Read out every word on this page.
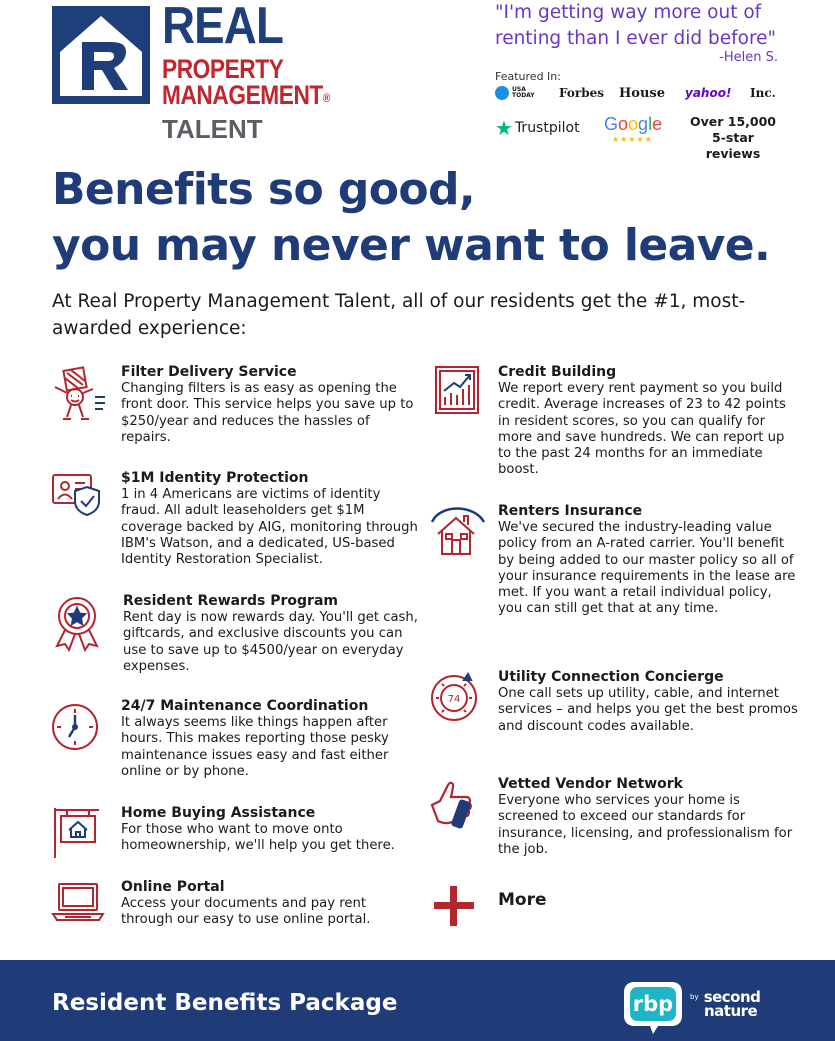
REAL
PROPERTY
MANAGEMENT®
TALENT
"I'm getting way more out of renting than I ever did before"
-Helen S.
Featured In:
USA TODAY Forbes House yahoo! Inc.
★ Trustpilot Google
★★★★★
Over 15,000
5-star reviews
Benefits so good,
you may never want to leave.
At Real Property Management Talent, all of our residents get the #1, most-awarded experience:
Filter Delivery Service
Changing filters is as easy as opening the front door. This service helps you save up to $250/year and reduces the hassles of repairs.
$1M Identity Protection
1 in 4 Americans are victims of identity fraud. All adult leaseholders get $1M coverage backed by AIG, monitoring through IBM's Watson, and a dedicated, US-based Identity Restoration Specialist.
Resident Rewards Program
Rent day is now rewards day. You'll get cash, giftcards, and exclusive discounts you can use to save up to $4500/year on everyday expenses.
24/7 Maintenance Coordination
It always seems like things happen after hours. This makes reporting those pesky maintenance issues easy and fast either online or by phone.
Home Buying Assistance
For those who want to move onto homeownership, we'll help you get there.
Online Portal
Access your documents and pay rent through our easy to use online portal.
Credit Building
We report every rent payment so you build credit. Average increases of 23 to 42 points in resident scores, so you can qualify for more and save hundreds. We can report up to the past 24 months for an immediate boost.
Renters Insurance
We've secured the industry-leading value policy from an A-rated carrier. You'll benefit by being added to our master policy so all of your insurance requirements in the lease are met. If you want a retail individual policy, you can still get that at any time.
74
Utility Connection Concierge
One call sets up utility, cable, and internet services – and helps you get the best promos and discount codes available.
Vetted Vendor Network
Everyone who services your home is screened to exceed our standards for insurance, licensing, and professionalism for the job.
More
Resident Benefits Package	rbp	$^{by}$ second
nature
